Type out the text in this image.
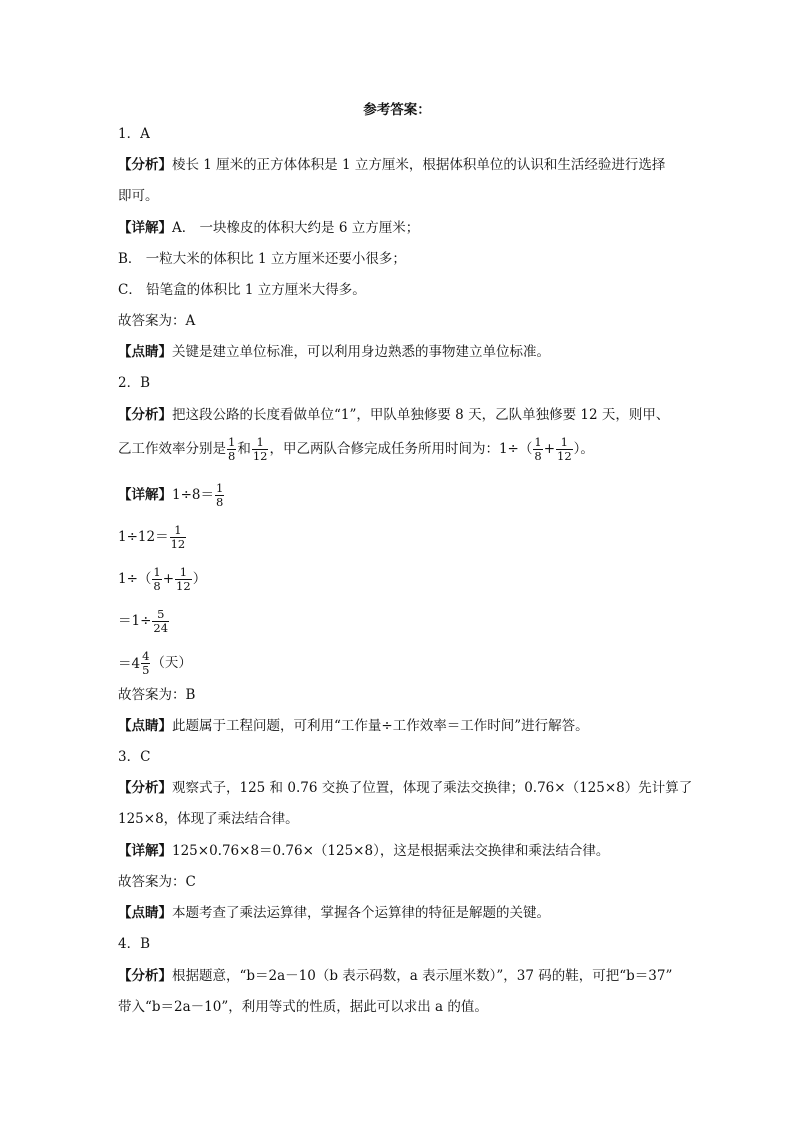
参考答案：
1．A
【分析】棱长 1 厘米的正方体体积是 1 立方厘米，根据体积单位的认识和生活经验进行选择
即可。
【详解】A． 一块橡皮的体积大约是 6 立方厘米；
B． 一粒大米的体积比 1 立方厘米还要小很多；
C． 铅笔盒的体积比 1 立方厘米大得多。
故答案为：A
【点睛】关键是建立单位标准，可以利用身边熟悉的事物建立单位标准。
2．B
【分析】把这段公路的长度看做单位“1”，甲队单独修要 8 天，乙队单独修要 12 天，则甲、
乙工作效率分别是 $\frac{1}{8}$ 和 $\frac{1}{12}$ ，甲乙两队合修完成任务所用时间为：$1\div( \frac{1}{8} + \frac{1}{12}$ ）。
【详解】$1\div 8= \frac{1}{8}$
$1\div 12= \frac{1}{12}$
$1\div( \frac{1}{8} + \frac{1}{12}$ ）
$=1\div \frac{5}{24}$
$=4 \frac{4}{5}$ （天）
故答案为：B
【点睛】此题属于工程问题，可利用“工作量÷工作效率＝工作时间”进行解答。
3．C
【分析】观察式子，125 和 0.76 交换了位置，体现了乘法交换律；0.76×（125×8）先计算了
125×8，体现了乘法结合律。
【详解】125×0.76×8＝0.76×（125×8），这是根据乘法交换律和乘法结合律。
故答案为：C
【点睛】本题考查了乘法运算律，掌握各个运算律的特征是解题的关键。
4．B
【分析】根据题意，“b＝2a－10（b 表示码数，a 表示厘米数）”，37 码的鞋，可把“b＝37”
带入“b＝2a－10”，利用等式的性质，据此可以求出 a 的值。
